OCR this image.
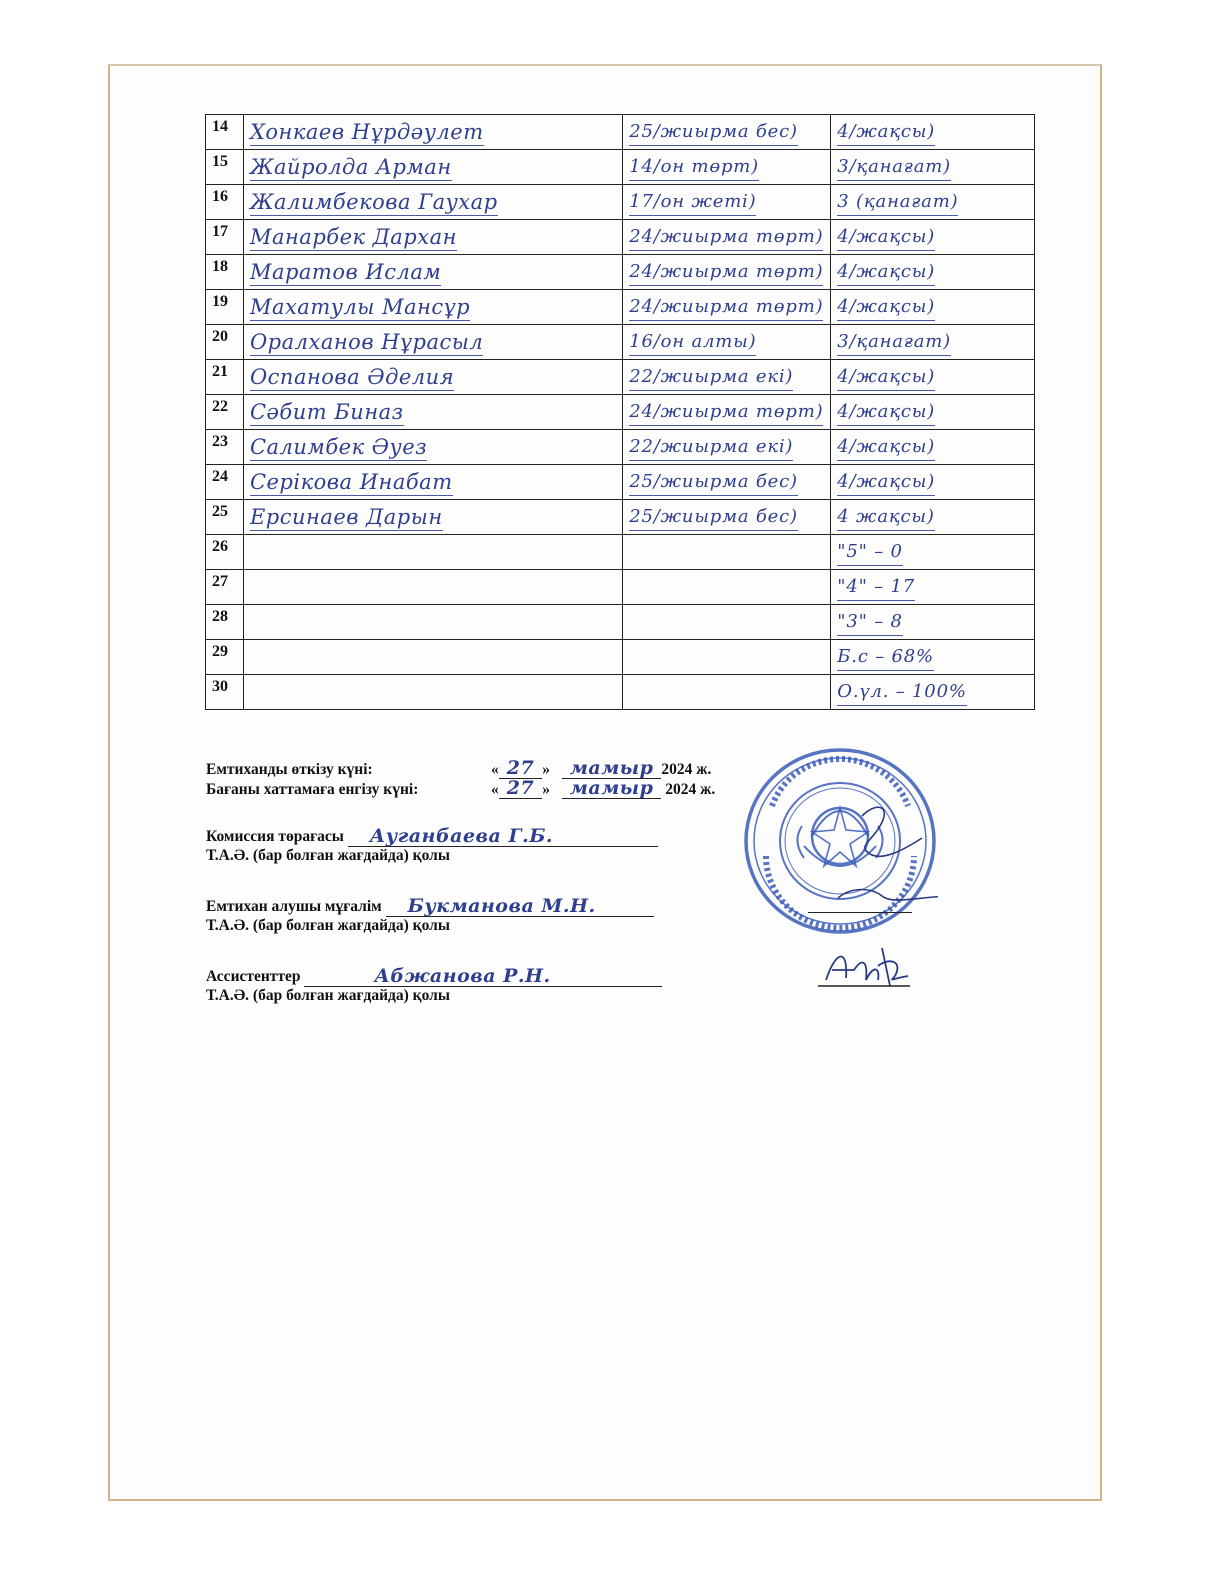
14	Хонкаев Нұрдәулет	25/жиырма бес)	4/жақсы)
15	Жайролда Арман	14/он төрт)	3/қанағат)
16	Жалимбекова Гаухар	17/он жеті)	3 (қанағат)
17	Манарбек Дархан	24/жиырма төрт)	4/жақсы)
18	Маратов Ислам	24/жиырма төрт)	4/жақсы)
19	Махатулы Мансұр	24/жиырма төрт)	4/жақсы)
20	Оралханов Нұрасыл	16/он алты)	3/қанағат)
21	Оспанова Әделия	22/жиырма екі)	4/жақсы)
22	Сәбит Биназ	24/жиырма төрт)	4/жақсы)
23	Салимбек Әуез	22/жиырма екі)	4/жақсы)
24	Серікова Инабат	25/жиырма бес)	4/жақсы)
25	Ерсинаев Дарын	25/жиырма бес)	4 жақсы)
26			"5" – 0
27			"4" – 17
28			"3" – 8
29			Б.с – 68%
30			О.үл. – 100%
Емтиханды өткізу күні:	« 27 » мамыр 2024 ж.
Бағаны хаттамаға енгізу күні:	« 27 » мамыр 2024 ж.
Комиссия төрағасы Ауганбаева Г.Б.
Т.А.Ә. (бар болған жағдайда) қолы
Емтихан алушы мұғалім Букманова М.Н.
Т.А.Ә. (бар болған жағдайда) қолы
Ассистенттер	Абжанова Р.Н.
Т.А.Ә. (бар болған жағдайда) қолы
